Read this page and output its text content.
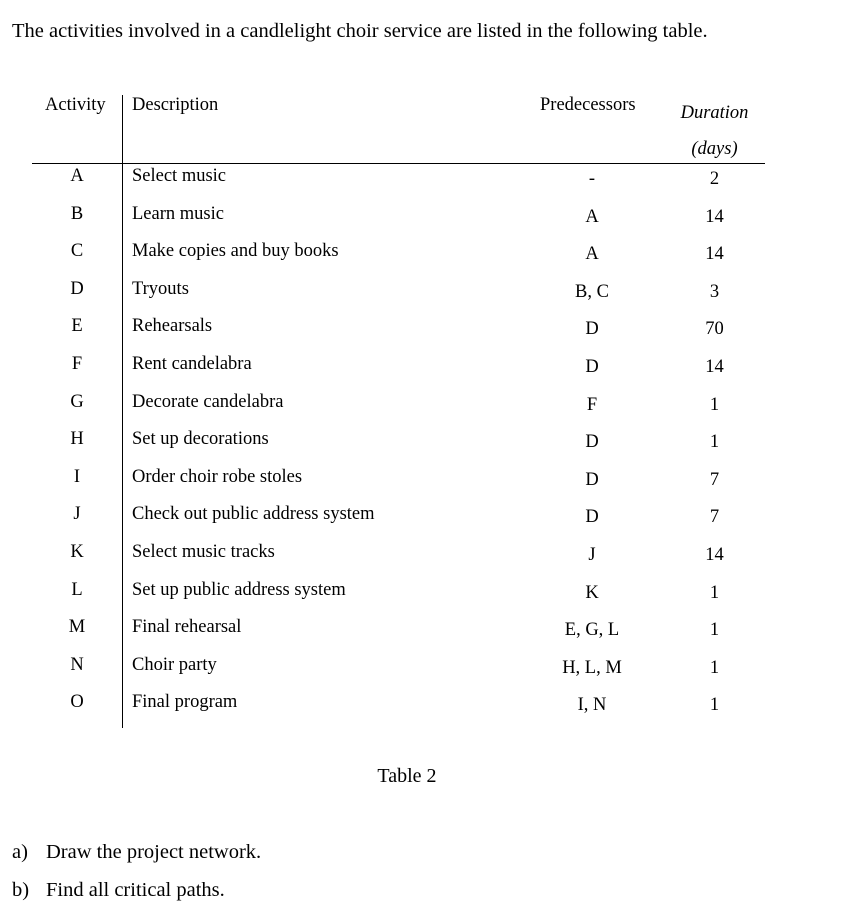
The activities involved in a candlelight choir service are listed in the following table.

Activity Description	Predecessors	Duration
(days)
A	Select music	-	2
B	Learn music	A	14
C	Make copies and buy books	A	14
D	Tryouts	B, C	3
E	Rehearsals	D	70
F	Rent candelabra	D	14
G	Decorate candelabra	F	1
H	Set up decorations	D	1
I	Order choir robe stoles	D	7
J	Check out public address system	D	7
K	Select music tracks	J	14
L	Set up public address system	K	1
M	Final rehearsal	E, G, L	1
N	Choir party	H, L, M	1
O	Final program	I, N	1
Table 2
a) Draw the project network.
b) Find all critical paths.
